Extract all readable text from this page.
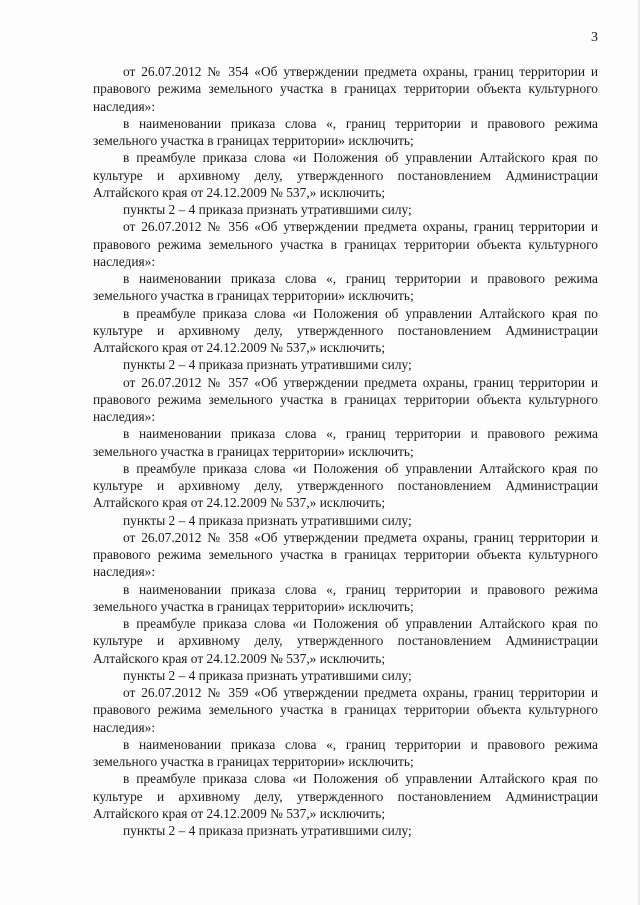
3

от 26.07.2012 № 354 «Об утверждении предмета охраны, границ территории и правового режима земельного участка в границах территории объекта культурного наследия»:

в наименовании приказа слова «, границ территории и правового режима земельного участка в границах территории» исключить;

в преамбуле приказа слова «и Положения об управлении Алтайского края по культуре и архивному делу, утвержденного постановлением Администрации Алтайского края от 24.12.2009 № 537,» исключить;

пункты 2 – 4 приказа признать утратившими силу;

от 26.07.2012 № 356 «Об утверждении предмета охраны, границ территории и правового режима земельного участка в границах территории объекта культурного наследия»:

в наименовании приказа слова «, границ территории и правового режима земельного участка в границах территории» исключить;

в преамбуле приказа слова «и Положения об управлении Алтайского края по культуре и архивному делу, утвержденного постановлением Администрации Алтайского края от 24.12.2009 № 537,» исключить;

пункты 2 – 4 приказа признать утратившими силу;

от 26.07.2012 № 357 «Об утверждении предмета охраны, границ территории и правового режима земельного участка в границах территории объекта культурного наследия»:

в наименовании приказа слова «, границ территории и правового режима земельного участка в границах территории» исключить;

в преамбуле приказа слова «и Положения об управлении Алтайского края по культуре и архивному делу, утвержденного постановлением Администрации Алтайского края от 24.12.2009 № 537,» исключить;

пункты 2 – 4 приказа признать утратившими силу;

от 26.07.2012 № 358 «Об утверждении предмета охраны, границ территории и правового режима земельного участка в границах территории объекта культурного наследия»:

в наименовании приказа слова «, границ территории и правового режима земельного участка в границах территории» исключить;

в преамбуле приказа слова «и Положения об управлении Алтайского края по культуре и архивному делу, утвержденного постановлением Администрации Алтайского края от 24.12.2009 № 537,» исключить;

пункты 2 – 4 приказа признать утратившими силу;

от 26.07.2012 № 359 «Об утверждении предмета охраны, границ территории и правового режима земельного участка в границах территории объекта культурного наследия»:

в наименовании приказа слова «, границ территории и правового режима земельного участка в границах территории» исключить;

в преамбуле приказа слова «и Положения об управлении Алтайского края по культуре и архивному делу, утвержденного постановлением Администрации Алтайского края от 24.12.2009 № 537,» исключить;

пункты 2 – 4 приказа признать утратившими силу;
